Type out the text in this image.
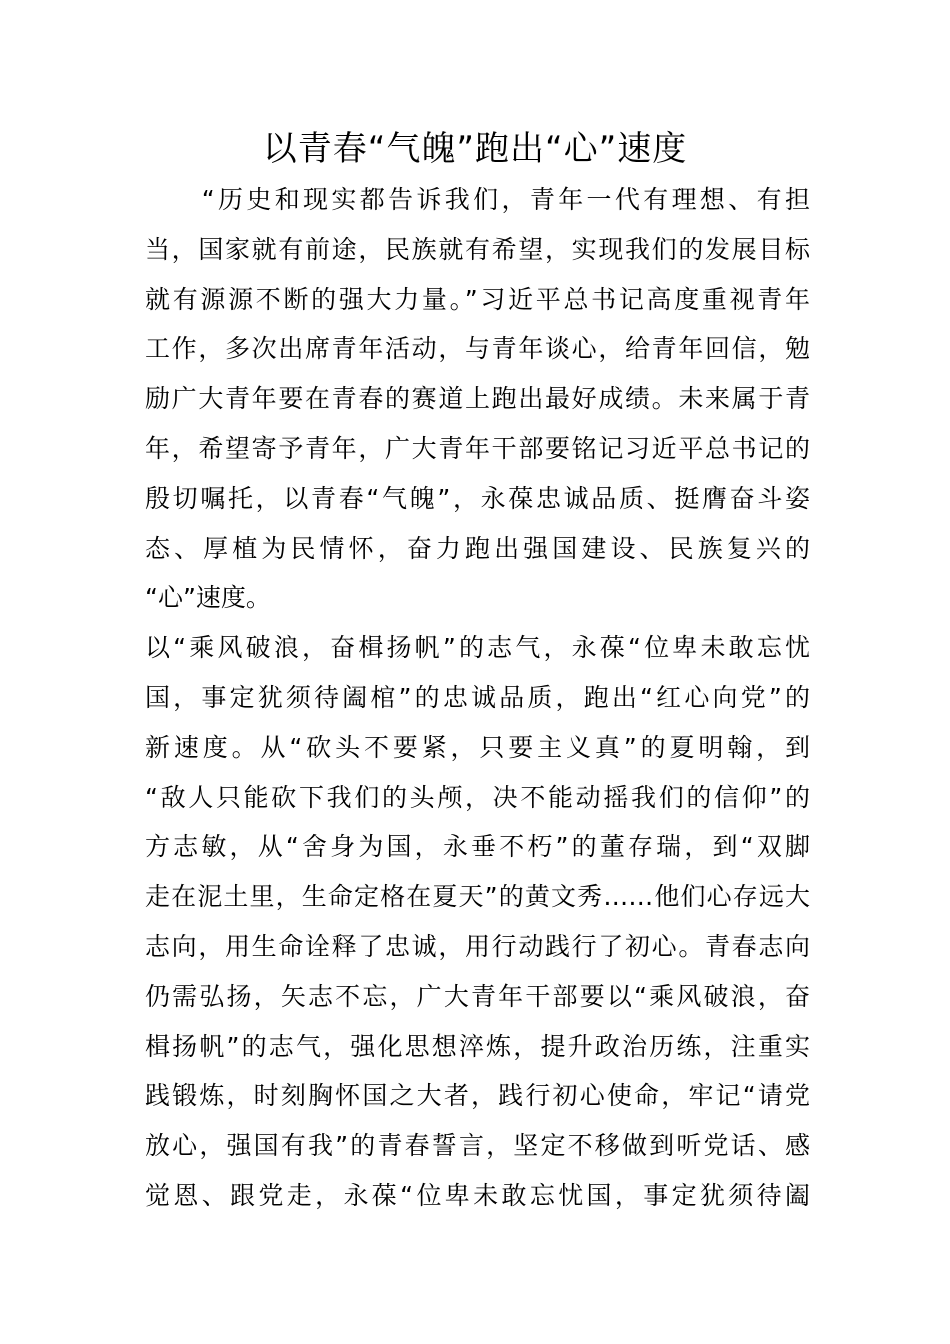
以青春“气魄”跑出“心”速度
　　“历史和现实都告诉我们，青年一代有理想、有担
当，国家就有前途，民族就有希望，实现我们的发展目标
就有源源不断的强大力量。”习近平总书记高度重视青年
工作，多次出席青年活动，与青年谈心，给青年回信，勉
励广大青年要在青春的赛道上跑出最好成绩。未来属于青
年，希望寄予青年，广大青年干部要铭记习近平总书记的
殷切嘱托，以青春“气魄”，永葆忠诚品质、挺膺奋斗姿
态、厚植为民情怀，奋力跑出强国建设、民族复兴的
“心”速度。
以“乘风破浪，奋楫扬帆”的志气，永葆“位卑未敢忘忧
国，事定犹须待阖棺”的忠诚品质，跑出“红心向党”的
新速度。从“砍头不要紧，只要主义真”的夏明翰，到
“敌人只能砍下我们的头颅，决不能动摇我们的信仰”的
方志敏，从“舍身为国，永垂不朽”的董存瑞，到“双脚
走在泥土里，生命定格在夏天”的黄文秀……他们心存远大
志向，用生命诠释了忠诚，用行动践行了初心。青春志向
仍需弘扬，矢志不忘，广大青年干部要以“乘风破浪，奋
楫扬帆”的志气，强化思想淬炼，提升政治历练，注重实
践锻炼，时刻胸怀国之大者，践行初心使命，牢记“请党
放心，强国有我”的青春誓言，坚定不移做到听党话、感
觉恩、跟党走，永葆“位卑未敢忘忧国，事定犹须待阖
